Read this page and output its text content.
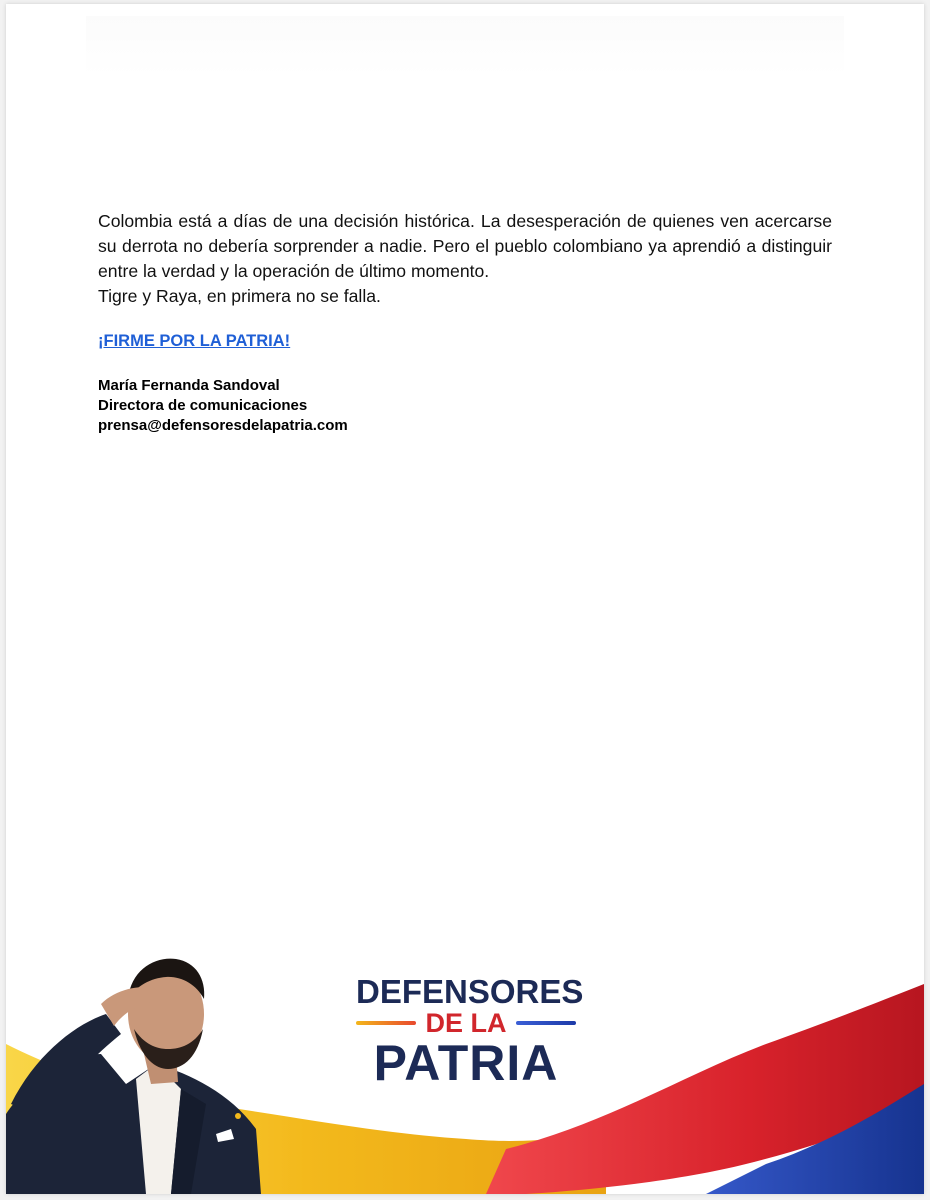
Colombia está a días de una decisión histórica. La desesperación de quienes ven acercarse su derrota no debería sorprender a nadie. Pero el pueblo colombiano ya aprendió a distinguir entre la verdad y la operación de último momento.

Tigre y Raya, en primera no se falla.

¡FIRME POR LA PATRIA!
María Fernanda Sandoval
Directora de comunicaciones
prensa@defensoresdelapatria.com
DEFENSORES
DE LA
PATRIA
